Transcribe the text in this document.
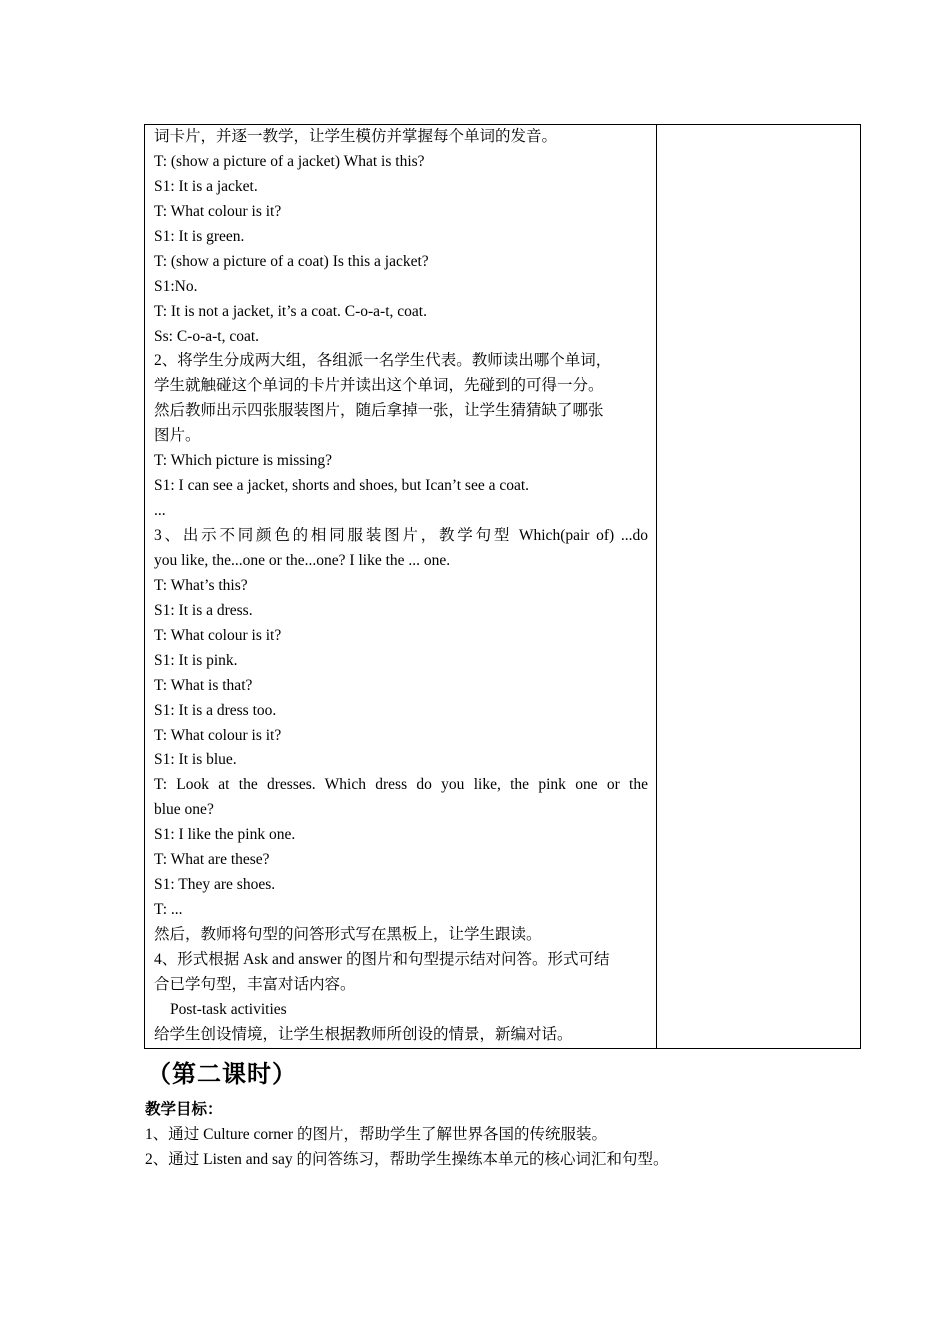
词卡片，并逐一教学，让学生模仿并掌握每个单词的发音。
T: (show a picture of a jacket) What is this?
S1: It is a jacket.
T: What colour is it?
S1: It is green.
T: (show a picture of a coat) Is this a jacket?
S1:No.
T: It is not a jacket, it’s a coat. C-o-a-t, coat.
Ss: C-o-a-t, coat.
2、将学生分成两大组，各组派一名学生代表。教师读出哪个单词，
学生就触碰这个单词的卡片并读出这个单词，先碰到的可得一分。
然后教师出示四张服装图片，随后拿掉一张，让学生猜猜缺了哪张
图片。
T: Which picture is missing?
S1: I can see a jacket, shorts and shoes, but Ican’t see a coat.
...
3、出示不同颜色的相同服装图片，教学句型 Which(pair of) ...do
you like, the...one or the...one? I like the ... one.
T: What’s this?
S1: It is a dress.
T: What colour is it?
S1: It is pink.
T: What is that?
S1: It is a dress too.
T: What colour is it?
S1: It is blue.
T: Look at the dresses. Which dress do you like, the pink one or the
blue one?
S1: I like the pink one.
T: What are these?
S1: They are shoes.
T: ...
然后，教师将句型的问答形式写在黑板上，让学生跟读。
4、形式根据 Ask and answer 的图片和句型提示结对问答。形式可结
合已学句型，丰富对话内容。
Post-task activities
给学生创设情境，让学生根据教师所创设的情景，新编对话。

（第二课时）
教学目标：
1、通过 Culture corner 的图片，帮助学生了解世界各国的传统服装。
2、通过 Listen and say 的问答练习，帮助学生操练本单元的核心词汇和句型。
